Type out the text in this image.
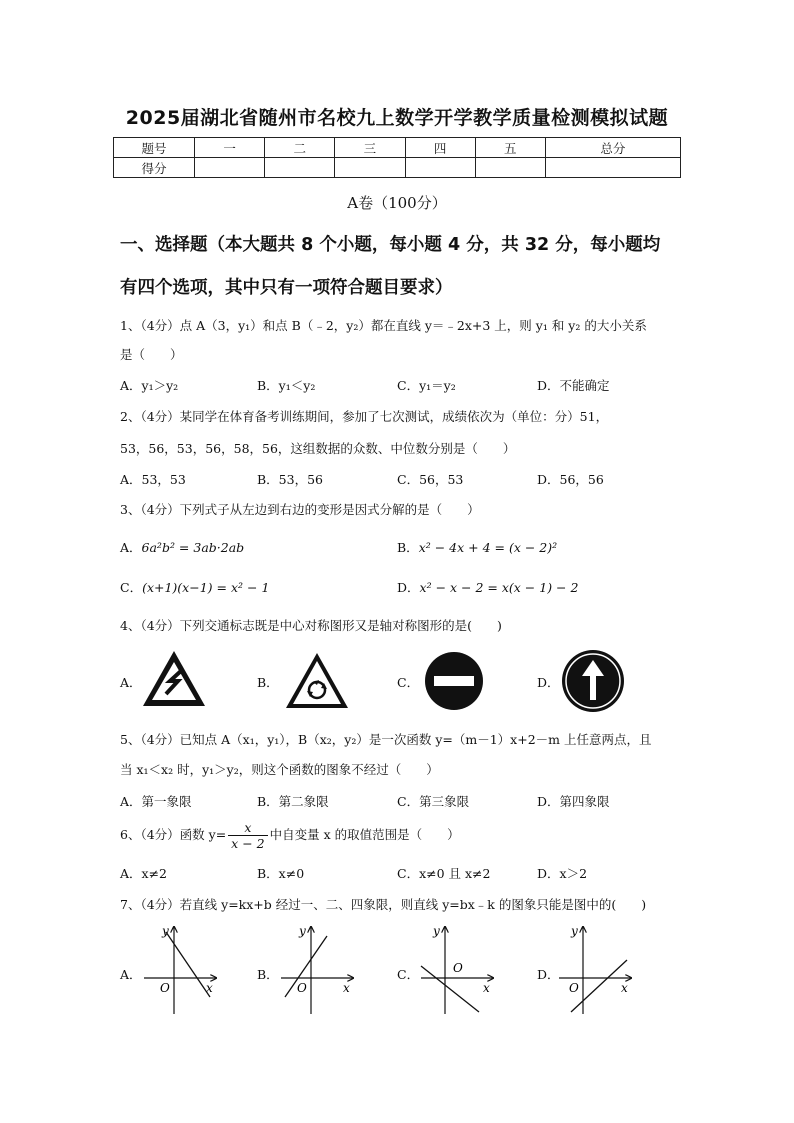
2025届湖北省随州市名校九上数学开学教学质量检测模拟试题
题号	一	二	三	四	五	总分
得分						
A卷（100分）
一、选择题（本大题共 8 个小题，每小题 4 分，共 32 分，每小题均
有四个选项，其中只有一项符合题目要求）
1、（4分）点 A（3，y₁）和点 B（﹣2，y₂）都在直线 y＝﹣2x+3 上，则 y₁ 和 y₂ 的大小关系
是（　　）
A．y₁＞y₂	B．y₁＜y₂	C．y₁＝y₂	D．不能确定
2、（4分）某同学在体育备考训练期间，参加了七次测试，成绩依次为（单位：分）51，
53，56，53，56，58，56，这组数据的众数、中位数分别是（　　）
A．53，53	B．53，56	C．56，53	D．56，56
3、（4分）下列式子从左边到右边的变形是因式分解的是（　　）
A．6a²b² = 3ab·2ab	B．x² − 4x + 4 = (x − 2)²
C．(x+1)(x−1) = x² − 1	D．x² − x − 2 = x(x − 1) − 2
4、（4分）下列交通标志既是中心对称图形又是轴对称图形的是(　　)
A．	B．	C．	D．
5、（4分）已知点 A（x₁，y₁），B（x₂，y₂）是一次函数 y=（m－1）x+2－m 上任意两点，且
当 x₁＜x₂ 时，y₁＞y₂，则这个函数的图象不经过（　　）
A．第一象限	B．第二象限	C．第三象限	D．第四象限
6、（4分）函数 $y= \frac{x}{x - 2}$ 中自变量 x 的取值范围是（　　）
A．x≠2	B．x≠0	C．x≠0 且 x≠2	D．x＞2
7、（4分）若直线 y=kx+b 经过一、二、四象限，则直线 y=bx﹣k 的图象只能是图中的(　　)
A．	B．	C．	D．
y
x
O
y
x
O
y
x
O
y
x
O
